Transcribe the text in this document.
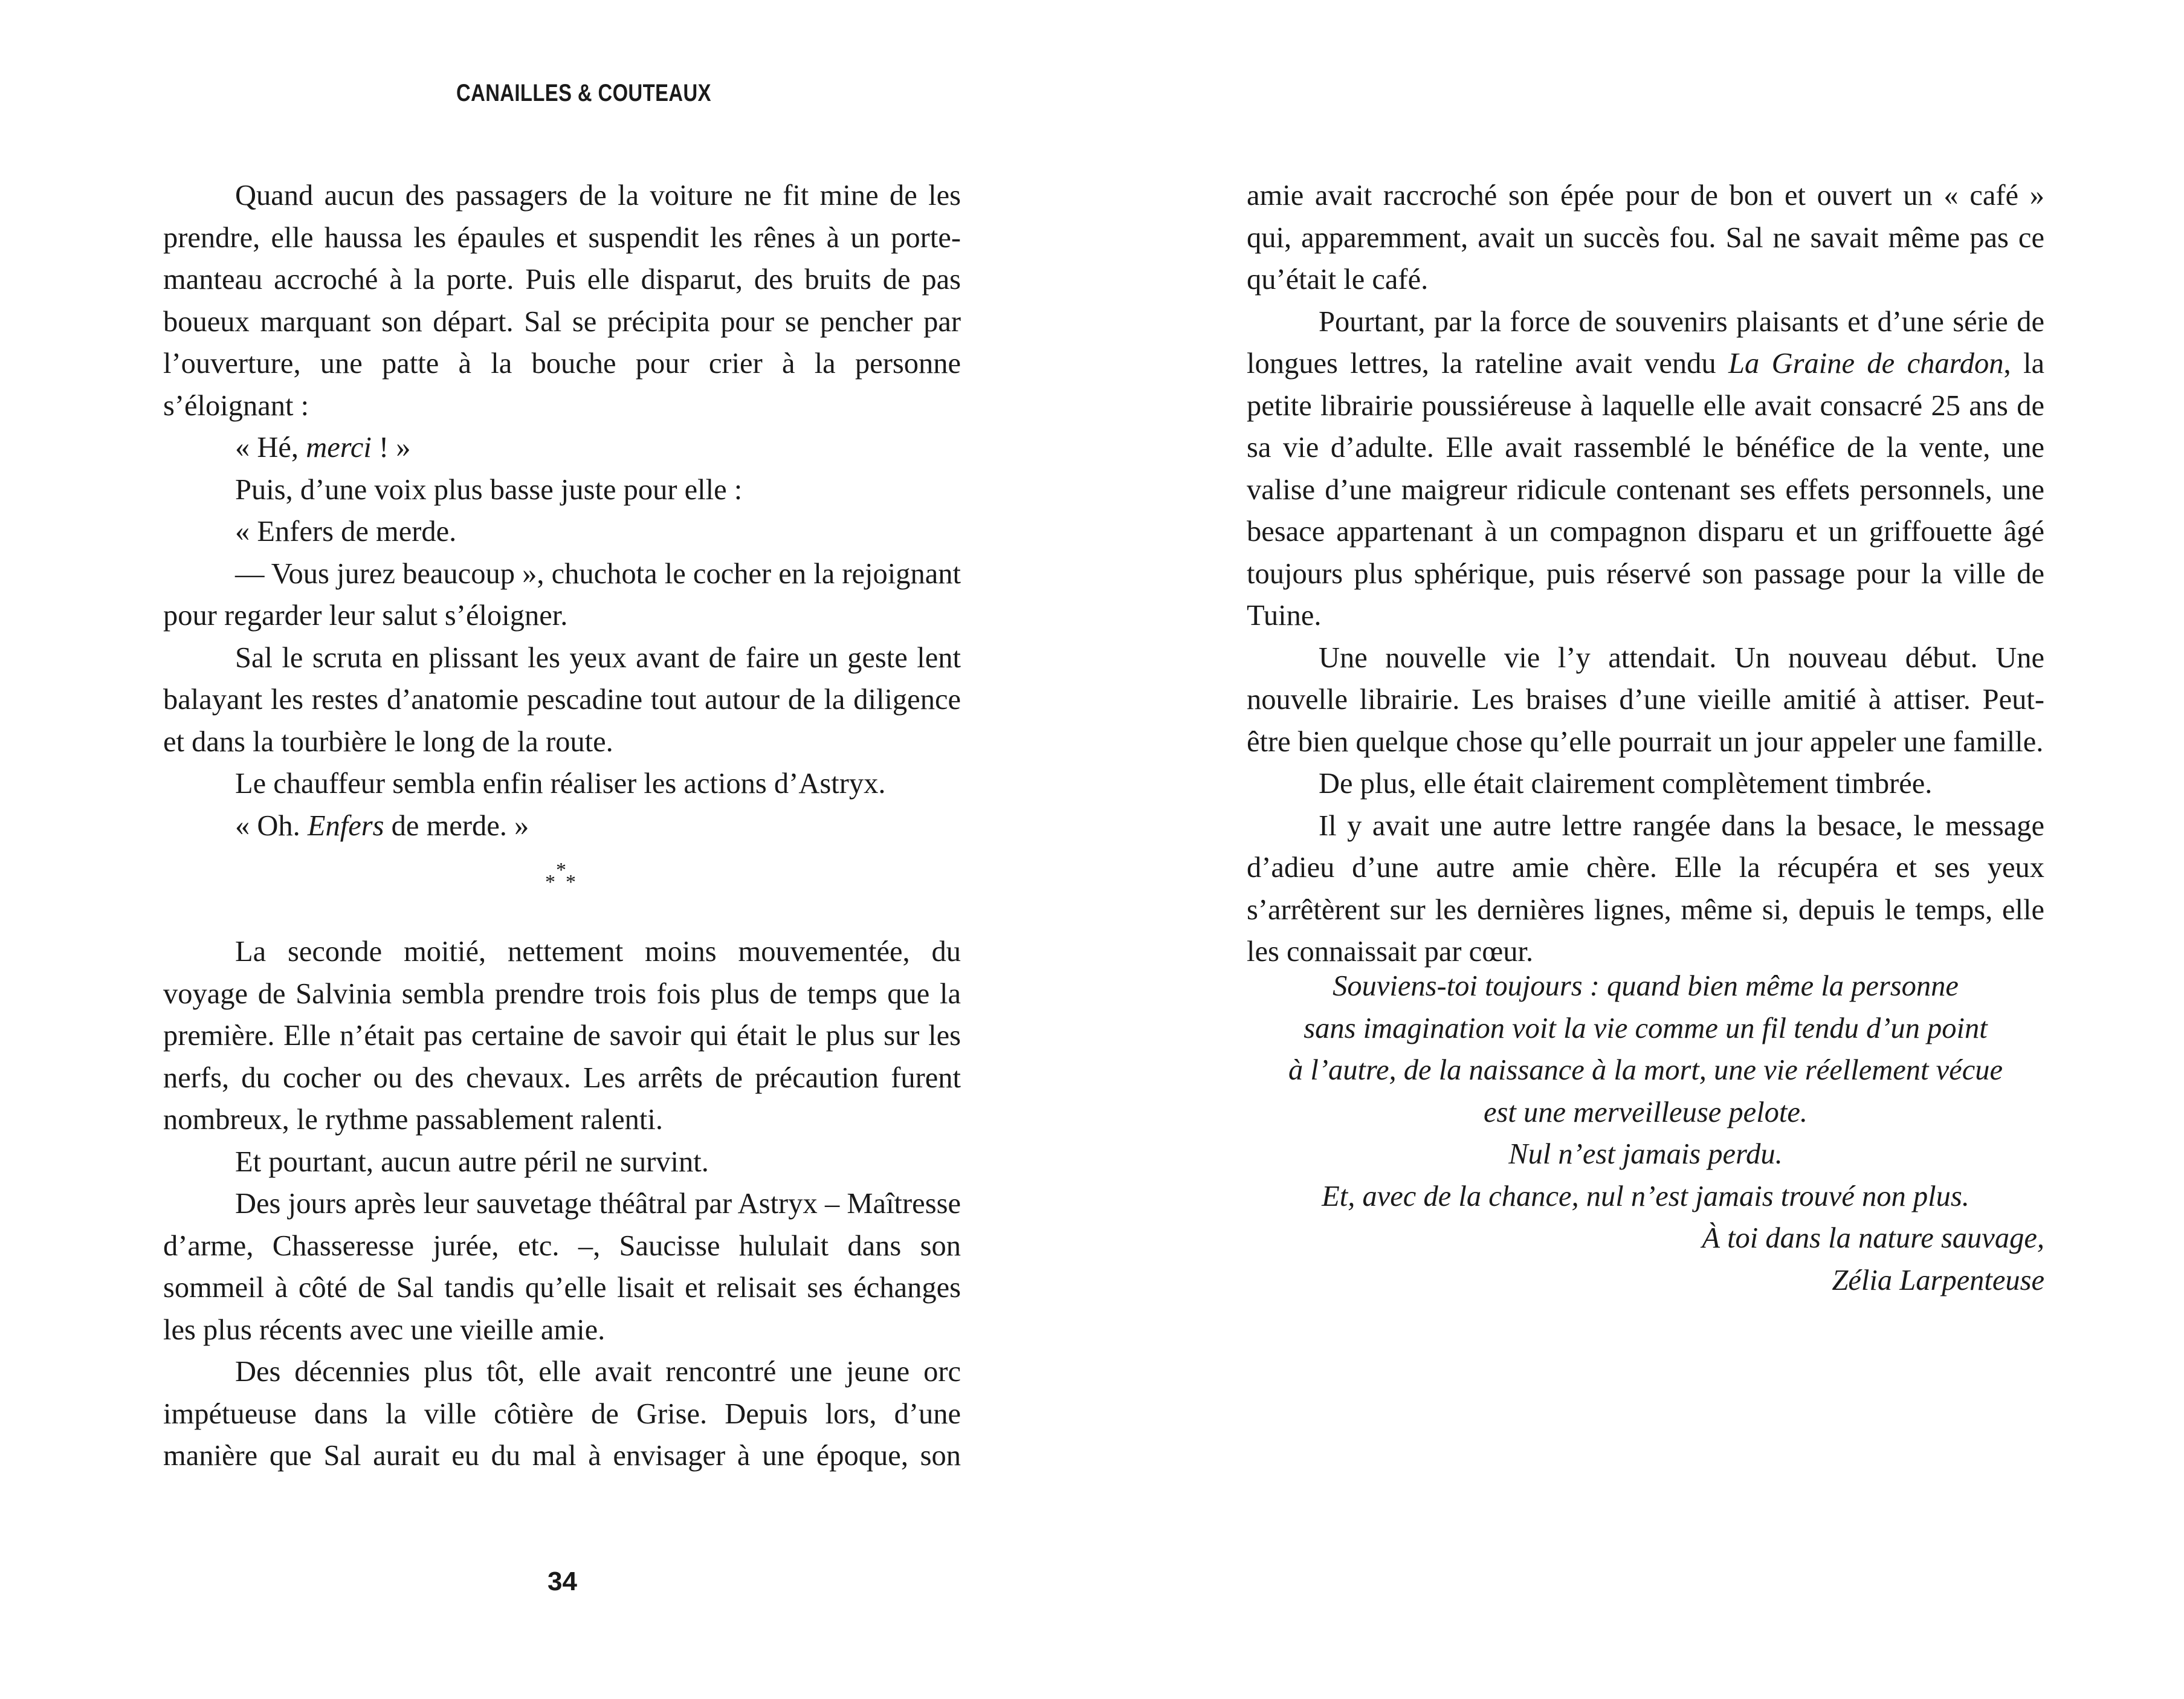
CANAILLES & COUTEAUX

Quand aucun des passagers de la voiture ne fit mine de les prendre, elle haussa les épaules et suspendit les rênes à un porte-manteau accroché à la porte. Puis elle disparut, des bruits de pas boueux marquant son départ. Sal se précipita pour se pencher par l’ouverture, une patte à la bouche pour crier à la personne s’éloignant :

« Hé, merci ! »

Puis, d’une voix plus basse juste pour elle :

« Enfers de merde.

— Vous jurez beaucoup », chuchota le cocher en la rejoignant pour regarder leur salut s’éloigner.

Sal le scruta en plissant les yeux avant de faire un geste lent balayant les restes d’anatomie pescadine tout autour de la diligence et dans la tourbière le long de la route.

Le chauffeur sembla enfin réaliser les actions d’Astryx.

« Oh. Enfers de merde. »

*
* *

La seconde moitié, nettement moins mouvementée, du voyage de Salvinia sembla prendre trois fois plus de temps que la première. Elle n’était pas certaine de savoir qui était le plus sur les nerfs, du cocher ou des chevaux. Les arrêts de précaution furent nombreux, le rythme passablement ralenti.

Et pourtant, aucun autre péril ne survint.

Des jours après leur sauvetage théâtral par Astryx – Maîtresse d’arme, Chasseresse jurée, etc. –, Saucisse hululait dans son sommeil à côté de Sal tandis qu’elle lisait et relisait ses échanges les plus récents avec une vieille amie.

Des décennies plus tôt, elle avait rencontré une jeune orc impétueuse dans la ville côtière de Grise. Depuis lors, d’une manière que Sal aurait eu du mal à envisager à une époque, son

34

amie avait raccroché son épée pour de bon et ouvert un « café » qui, apparemment, avait un succès fou. Sal ne savait même pas ce qu’était le café.

Pourtant, par la force de souvenirs plaisants et d’une série de longues lettres, la rateline avait vendu La Graine de chardon, la petite librairie poussiéreuse à laquelle elle avait consacré 25 ans de sa vie d’adulte. Elle avait rassemblé le bénéfice de la vente, une valise d’une maigreur ridicule contenant ses effets personnels, une besace appartenant à un compagnon disparu et un griffouette âgé toujours plus sphérique, puis réservé son passage pour la ville de Tuine.

Une nouvelle vie l’y attendait. Un nouveau début. Une nouvelle librairie. Les braises d’une vieille amitié à attiser. Peut-être bien quelque chose qu’elle pourrait un jour appeler une famille.

De plus, elle était clairement complètement timbrée.

Il y avait une autre lettre rangée dans la besace, le message d’adieu d’une autre amie chère. Elle la récupéra et ses yeux s’arrêtèrent sur les dernières lignes, même si, depuis le temps, elle les connaissait par cœur.

Souviens-toi toujours : quand bien même la personne
sans imagination voit la vie comme un fil tendu d’un point
à l’autre, de la naissance à la mort, une vie réellement vécue
est une merveilleuse pelote.
Nul n’est jamais perdu.
Et, avec de la chance, nul n’est jamais trouvé non plus.
À toi dans la nature sauvage,
Zélia Larpenteuse
